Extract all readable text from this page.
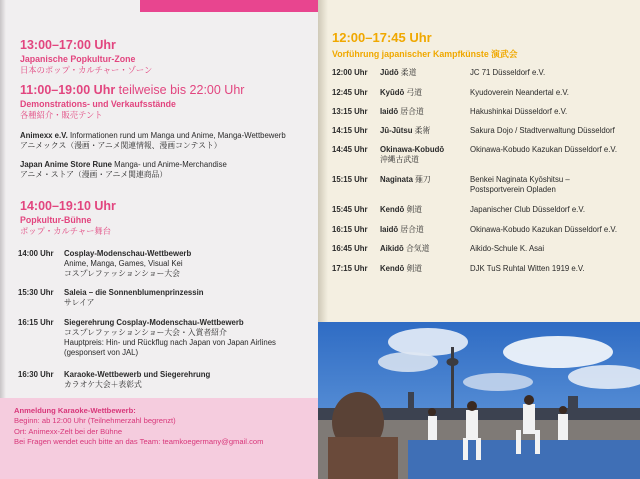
13:00–17:00 Uhr
Japanische Popkultur-Zone
日本のポップ・カルチャー・ゾーン
11:00–19:00 Uhr teilweise bis 22:00 Uhr
Demonstrations- und Verkaufsstände
各種紹介・販売テント
Animexx e.V. Informationen rund um Manga und Anime, Manga-Wettbewerb
アニメックス（漫画・アニメ関連情報、漫画コンテスト）
Japan Anime Store Rune Manga- und Anime-Merchandise
アニメ・ストア（漫画・アニメ関連商品）
14:00–19:10 Uhr
Popkultur-Bühne
ポップ・カルチャー舞台
14:00 Uhr	Cosplay-Modenschau-Wettbewerb
Anime, Manga, Games, Visual Kei
コスプレファッションショー大会
15:30 Uhr	Saleia – die Sonnenblumenprinzessin
サレイア
16:15 Uhr	Siegerehrung Cosplay-Modenschau-Wettbewerb
コスプレファッションショー大会・入賞者紹介
Hauptpreis: Hin- und Rückflug nach Japan von Japan Airlines
(gesponsert von JAL)
16:30 Uhr	Karaoke-Wettbewerb und Siegerehrung
カラオケ大会＋表彰式
Anmeldung Karaoke-Wettbewerb:
Beginn: ab 12:00 Uhr (Teilnehmerzahl begrenzt)
Ort: Animexx-Zelt bei der Bühne
Bei Fragen wendet euch bitte an das Team: teamkoegermany@gmail.com
12:00–17:45 Uhr
Vorführung japanischer Kampfkünste 演武会
12:00 Uhr	Jūdō 柔道	JC 71 Düsseldorf e.V.
12:45 Uhr	Kyūdō 弓道	Kyudoverein Neandertal e.V.
13:15 Uhr	Iaidō 居合道	Hakushinkai Düsseldorf e.V.
14:15 Uhr	Jū-Jūtsu 柔術	Sakura Dojo / Stadtverwaltung Düsseldorf
14:45 Uhr	Okinawa-Kobudō
沖縄古武道
Okinawa-Kobudo Kazukan Düsseldorf e.V.
15:15 Uhr	Naginata 薙刀	Benkei Naginata Kyōshitsu –
Postsportverein Opladen
15:45 Uhr	Kendō 剣道	Japanischer Club Düsseldorf e.V.
16:15 Uhr	Iaidō 居合道	Okinawa-Kobudo Kazukan Düsseldorf e.V.
16:45 Uhr	Aikidō 合気道	Aikido-Schule K. Asai
17:15 Uhr	Kendō 剣道	DJK TuS Ruhtal Witten 1919 e.V.
